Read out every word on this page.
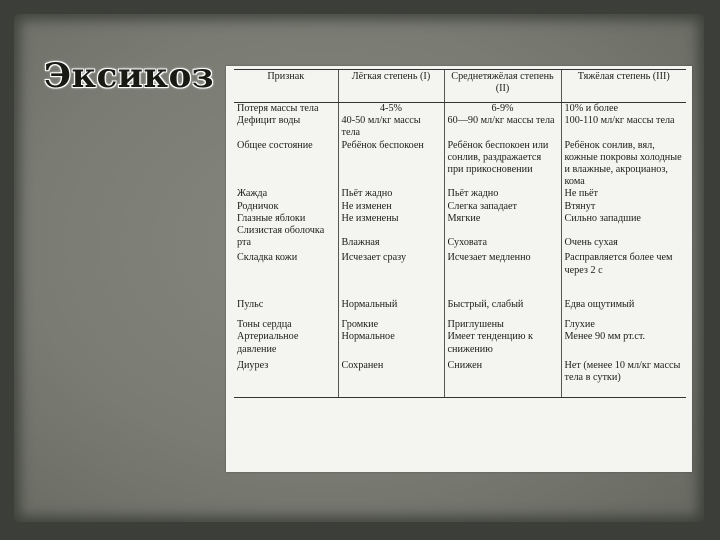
Эксикоз	Признак	Лёгкая степень (I)	Среднетяжёлая степень (II)	Тяжёлая степень (III)
Потеря массы тела	4-5%	6-9%	10% и более
Дефицит воды	40-50 мл/кг массы тела	60—90 мл/кг массы тела	100-110 мл/кг массы тела
Общее состояние	Ребёнок беспокоен	Ребёнок беспокоен или сонлив, раздражается при прикосновении	Ребёнок сонлив, вял, кожные покровы холодные и влажные, акроцианоз, кома
Жажда	Пьёт жадно	Пьёт жадно	Не пьёт
Родничок	Не изменен	Слегка западает	Втянут
Глазные яблоки	Не изменены	Мягкие	Сильно западшие
Слизистая оболочка рта	Влажная	Суховата	Очень сухая
Складка кожи	Исчезает сразу	Исчезает медленно	Расправляется более чем через 2 с
Пульс	Нормальный	Быстрый, слабый	Едва ощутимый
Тоны сердца	Громкие	Приглушены	Глухие
Артериальное давление	Нормальное	Имеет тенденцию к снижению	Менее 90 мм рт.ст.
Диурез	Сохранен	Снижен	Нет (менее 10 мл/кг массы тела в сутки)
